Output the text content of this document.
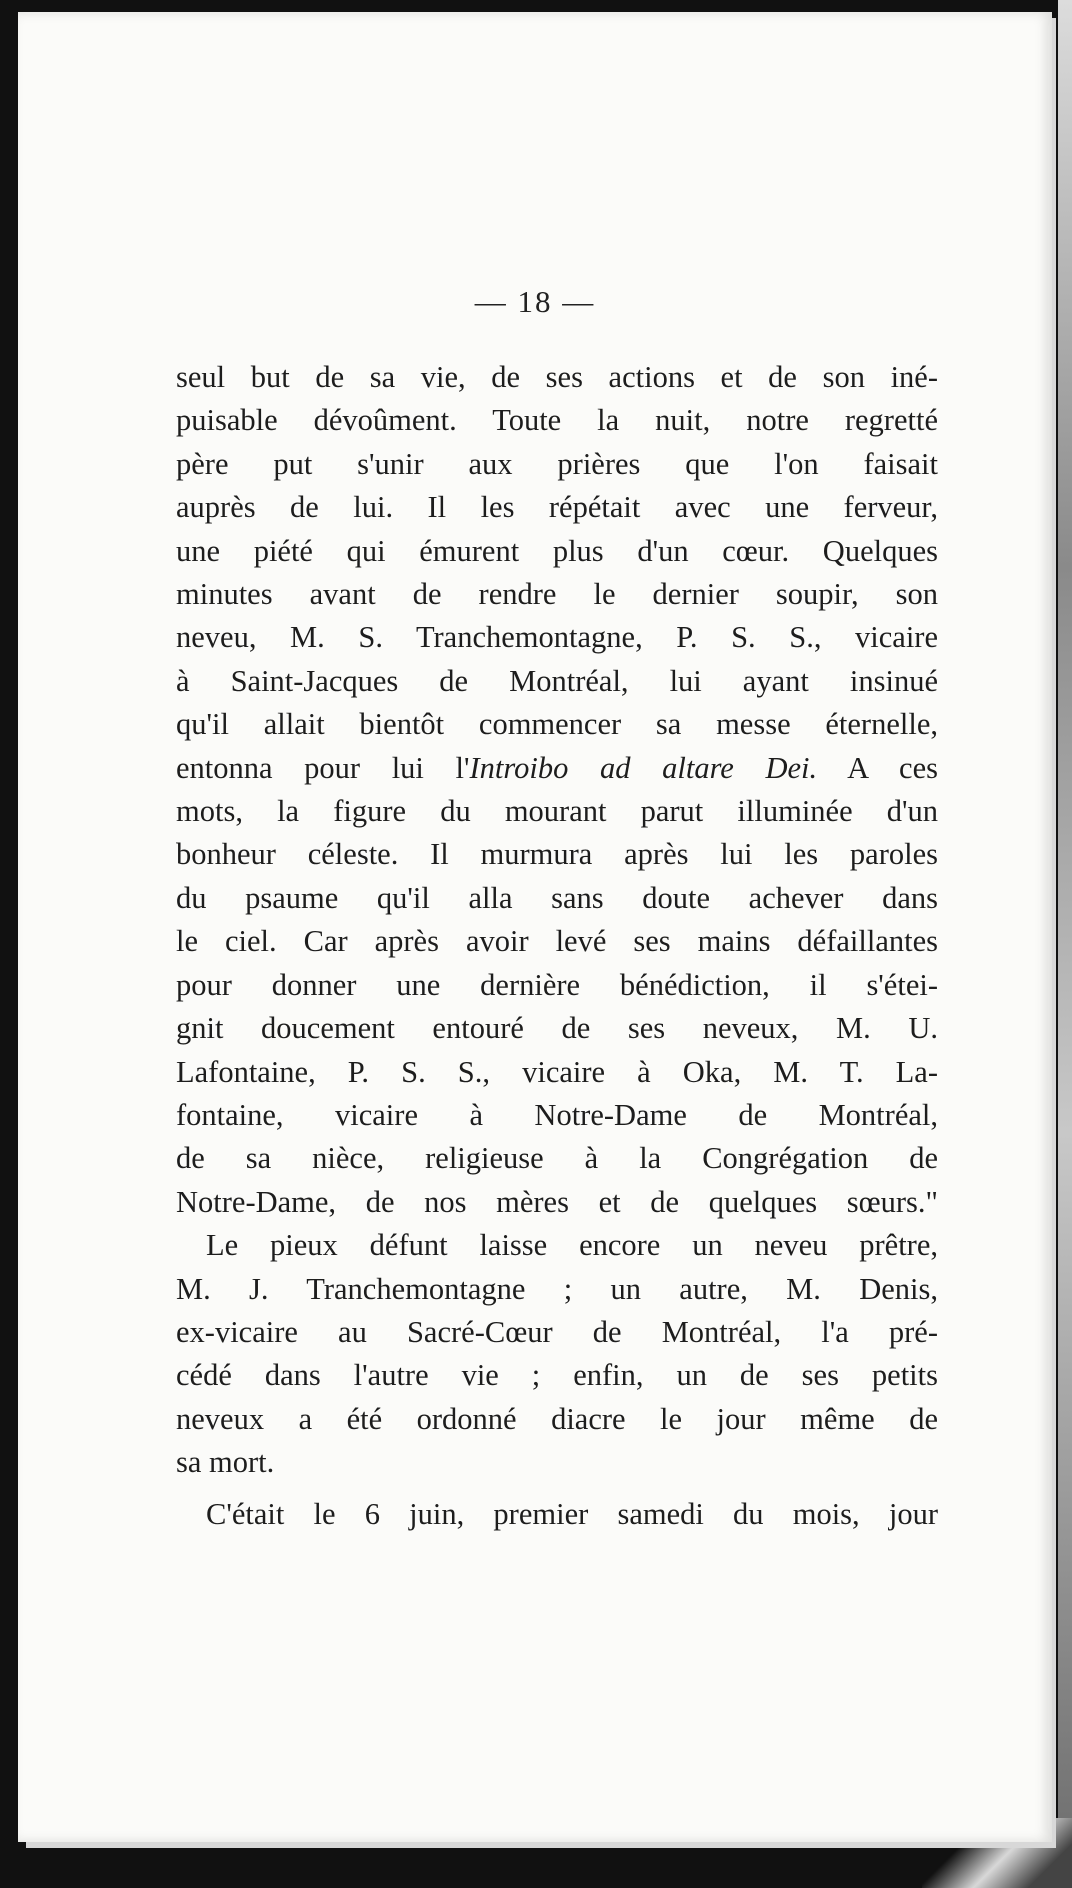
— 18 —
seul but de sa vie, de ses actions et de son iné-
puisable dévoûment. Toute la nuit, notre regretté
père put s'unir aux prières que l'on faisait
auprès de lui. Il les répétait avec une ferveur,
une piété qui émurent plus d'un cœur. Quelques
minutes avant de rendre le dernier soupir, son
neveu, M. S. Tranchemontagne, P. S. S., vicaire
à Saint-Jacques de Montréal, lui ayant insinué
qu'il allait bientôt commencer sa messe éternelle,
entonna pour lui l'Introibo ad altare Dei. A ces
mots, la figure du mourant parut illuminée d'un
bonheur céleste. Il murmura après lui les paroles
du psaume qu'il alla sans doute achever dans
le ciel. Car après avoir levé ses mains défaillantes
pour donner une dernière bénédiction, il s'étei-
gnit doucement entouré de ses neveux, M. U.
Lafontaine, P. S. S., vicaire à Oka, M. T. La-
fontaine, vicaire à Notre-Dame de Montréal,
de sa nièce, religieuse à la Congrégation de
Notre-Dame, de nos mères et de quelques sœurs."
Le pieux défunt laisse encore un neveu prêtre,
M. J. Tranchemontagne ; un autre, M. Denis,
ex-vicaire au Sacré-Cœur de Montréal, l'a pré-
cédé dans l'autre vie ; enfin, un de ses petits
neveux a été ordonné diacre le jour même de
sa mort.
C'était le 6 juin, premier samedi du mois, jour
